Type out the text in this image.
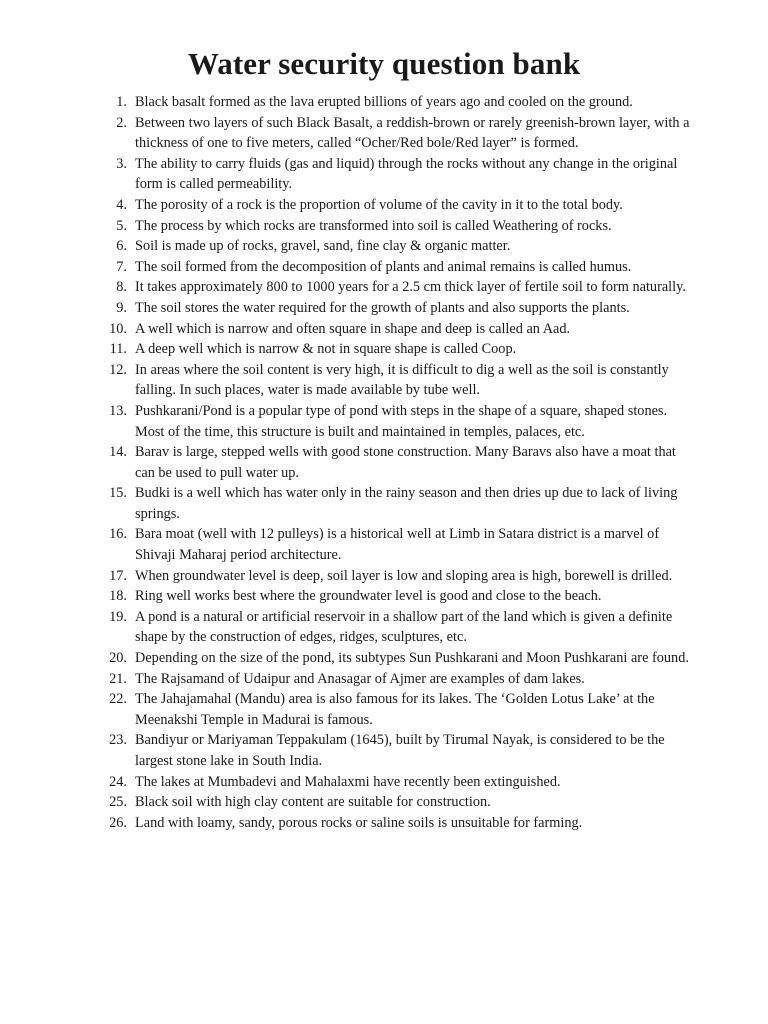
Water security question bank
1. Black basalt formed as the lava erupted billions of years ago and cooled on the ground.
2. Between two layers of such Black Basalt, a reddish-brown or rarely greenish-brown layer, with a thickness of one to five meters, called “Ocher/Red bole/Red layer” is formed.
3. The ability to carry fluids (gas and liquid) through the rocks without any change in the original form is called permeability.
4. The porosity of a rock is the proportion of volume of the cavity in it to the total body.
5. The process by which rocks are transformed into soil is called Weathering of rocks.
6. Soil is made up of rocks, gravel, sand, fine clay & organic matter.
7. The soil formed from the decomposition of plants and animal remains is called humus.
8. It takes approximately 800 to 1000 years for a 2.5 cm thick layer of fertile soil to form naturally.
9. The soil stores the water required for the growth of plants and also supports the plants.
10. A well which is narrow and often square in shape and deep is called an Aad.
11. A deep well which is narrow & not in square shape is called Coop.
12. In areas where the soil content is very high, it is difficult to dig a well as the soil is constantly falling. In such places, water is made available by tube well.
13. Pushkarani/Pond is a popular type of pond with steps in the shape of a square, shaped stones. Most of the time, this structure is built and maintained in temples, palaces, etc.
14. Barav is large, stepped wells with good stone construction. Many Baravs also have a moat that can be used to pull water up.
15. Budki is a well which has water only in the rainy season and then dries up due to lack of living springs.
16. Bara moat (well with 12 pulleys) is a historical well at Limb in Satara district is a marvel of Shivaji Maharaj period architecture.
17. When groundwater level is deep, soil layer is low and sloping area is high, borewell is drilled.
18. Ring well works best where the groundwater level is good and close to the beach.
19. A pond is a natural or artificial reservoir in a shallow part of the land which is given a definite shape by the construction of edges, ridges, sculptures, etc.
20. Depending on the size of the pond, its subtypes Sun Pushkarani and Moon Pushkarani are found.
21. The Rajsamand of Udaipur and Anasagar of Ajmer are examples of dam lakes.
22. The Jahajamahal (Mandu) area is also famous for its lakes. The ‘Golden Lotus Lake’ at the Meenakshi Temple in Madurai is famous.
23. Bandiyur or Mariyaman Teppakulam (1645), built by Tirumal Nayak, is considered to be the largest stone lake in South India.
24. The lakes at Mumbadevi and Mahalaxmi have recently been extinguished.
25. Black soil with high clay content are suitable for construction.
26. Land with loamy, sandy, porous rocks or saline soils is unsuitable for farming.
